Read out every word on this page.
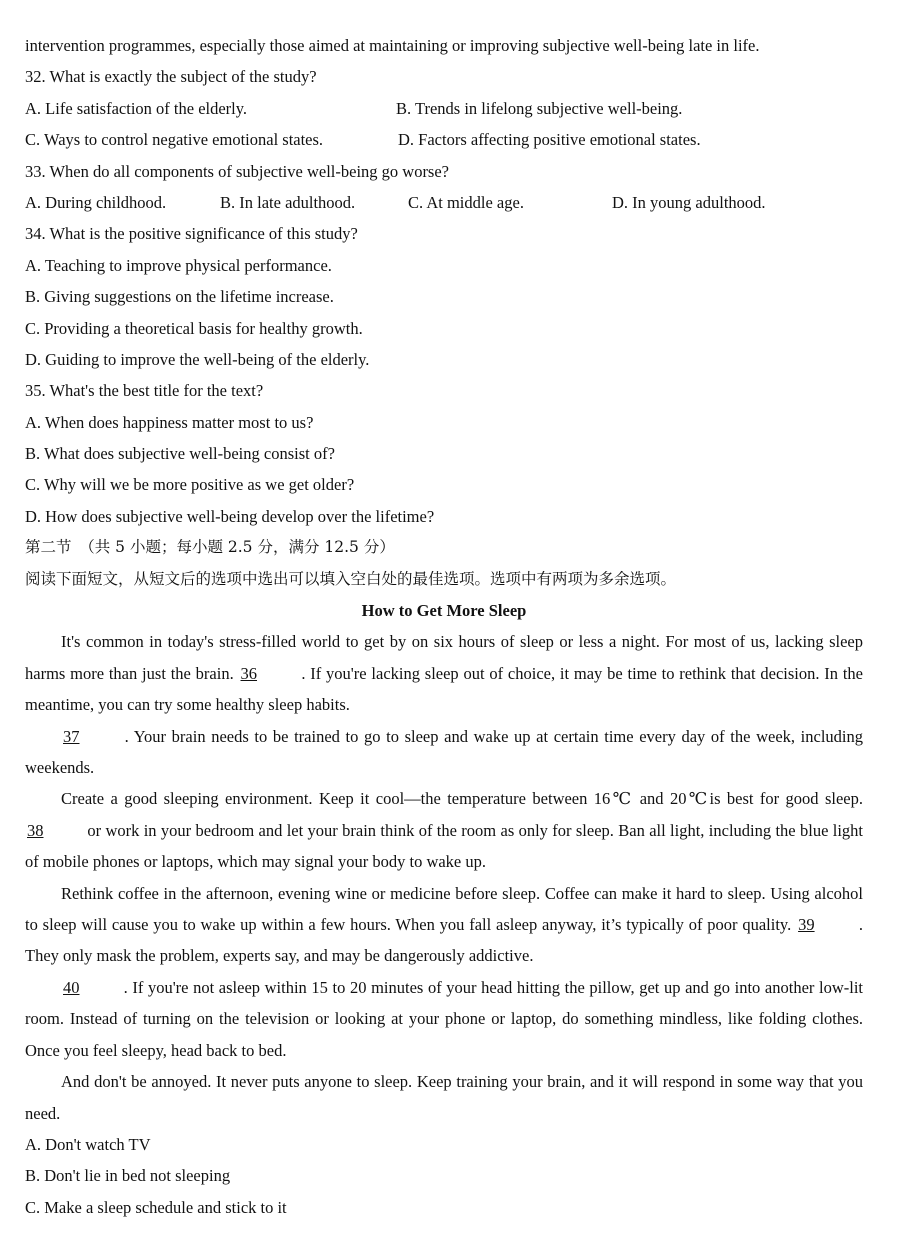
intervention programmes, especially those aimed at maintaining or improving subjective well-being late in life.
32. What is exactly the subject of the study?
A. Life satisfaction of the elderly.	B. Trends in lifelong subjective well-being.
C. Ways to control negative emotional states.	D. Factors affecting positive emotional states.
33. When do all components of subjective well-being go worse?
A. During childhood.	B. In late adulthood.	C. At middle age.	D. In young adulthood.
34. What is the positive significance of this study?
A. Teaching to improve physical performance.
B. Giving suggestions on the lifetime increase.
C. Providing a theoretical basis for healthy growth.
D. Guiding to improve the well-being of the elderly.
35. What's the best title for the text?
A. When does happiness matter most to us?
B. What does subjective well-being consist of?
C. Why will we be more positive as we get older?
D. How does subjective well-being develop over the lifetime?
第二节　（共 5 小题；每小题 2.5 分，满分 12.5 分）
阅读下面短文，从短文后的选项中选出可以填入空白处的最佳选项。选项中有两项为多余选项。
How to Get More Sleep

It's common in today's stress-filled world to get by on six hours of sleep or less a night. For most of us, lacking sleep harms more than just the brain. 36	. If you're lacking sleep out of choice, it may be time to rethink that decision. In the meantime, you can try some healthy sleep habits.

37	. Your brain needs to be trained to go to sleep and wake up at certain time every day of the week, including weekends.

Create a good sleeping environment. Keep it cool—the temperature between 16℃ and 20℃is best for good sleep. 38	or work in your bedroom and let your brain think of the room as only for sleep. Ban all light, including the blue light of mobile phones or laptops, which may signal your body to wake up.

Rethink coffee in the afternoon, evening wine or medicine before sleep. Coffee can make it hard to sleep. Using alcohol to sleep will cause you to wake up within a few hours. When you fall asleep anyway, it’s typically of poor quality. 39	. They only mask the problem, experts say, and may be dangerously addictive.

40	. If you're not asleep within 15 to 20 minutes of your head hitting the pillow, get up and go into another low-lit room. Instead of turning on the television or looking at your phone or laptop, do something mindless, like folding clothes. Once you feel sleepy, head back to bed.

And don't be annoyed. It never puts anyone to sleep. Keep training your brain, and it will respond in some way that you need.

A. Don't watch TV
B. Don't lie in bed not sleeping
C. Make a sleep schedule and stick to it
